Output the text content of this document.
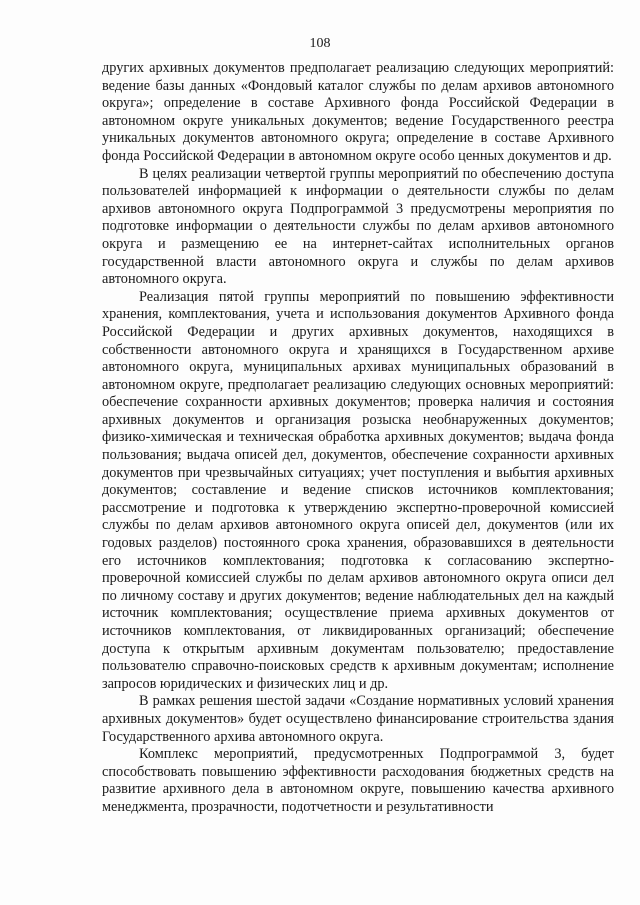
108

других архивных документов предполагает реализацию следующих мероприятий: ведение базы данных «Фондовый каталог службы по делам архивов автономного округа»; определение в составе Архивного фонда Российской Федерации в автономном округе уникальных документов; ведение Государственного реестра уникальных документов автономного округа; определение в составе Архивного фонда Российской Федерации в автономном округе особо ценных документов и др.

В целях реализации четвертой группы мероприятий по обеспечению доступа пользователей информацией к информации о деятельности службы по делам архивов автономного округа Подпрограммой 3 предусмотрены мероприятия по подготовке информации о деятельности службы по делам архивов автономного округа и размещению ее на интернет-сайтах исполнительных органов государственной власти автономного округа и службы по делам архивов автономного округа.

Реализация пятой группы мероприятий по повышению эффективности хранения, комплектования, учета и использования документов Архивного фонда Российской Федерации и других архивных документов, находящихся в собственности автономного округа и хранящихся в Государственном архиве автономного округа, муниципальных архивах муниципальных образований в автономном округе, предполагает реализацию следующих основных мероприятий: обеспечение сохранности архивных документов; проверка наличия и состояния архивных документов и организация розыска необнаруженных документов; физико-химическая и техническая обработка архивных документов; выдача фонда пользования; выдача описей дел, документов, обеспечение сохранности архивных документов при чрезвычайных ситуациях; учет поступления и выбытия архивных документов; составление и ведение списков источников комплектования; рассмотрение и подготовка к утверждению экспертно-проверочной комиссией службы по делам архивов автономного округа описей дел, документов (или их годовых разделов) постоянного срока хранения, образовавшихся в деятельности его источников комплектования; подготовка к согласованию экспертно-проверочной комиссией службы по делам архивов автономного округа описи дел по личному составу и других документов; ведение наблюдательных дел на каждый источник комплектования; осуществление приема архивных документов от источников комплектования, от ликвидированных организаций; обеспечение доступа к открытым архивным документам пользователю; предоставление пользователю справочно-поисковых средств к архивным документам; исполнение запросов юридических и физических лиц и др.

В рамках решения шестой задачи «Создание нормативных условий хранения архивных документов» будет осуществлено финансирование строительства здания Государственного архива автономного округа.

Комплекс мероприятий, предусмотренных Подпрограммой 3, будет способствовать повышению эффективности расходования бюджетных средств на развитие архивного дела в автономном округе, повышению качества архивного менеджмента, прозрачности, подотчетности и результативности
